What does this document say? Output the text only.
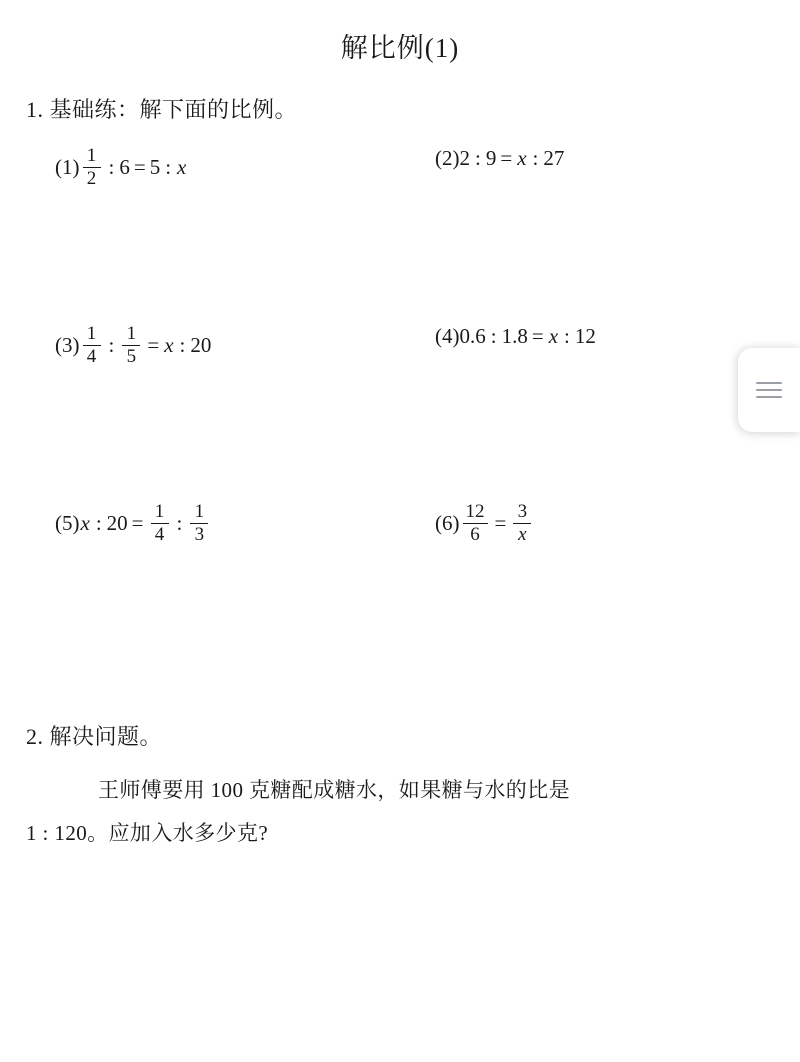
解比例(1)
1. 基础练：解下面的比例。
$(1) \frac{1}{2}$ : 6 = 5 : x	(2) 2 : 9 = x : 27
$(3) \frac{1}{4}$ : $\frac{1}{5} = x$ : 20	(4) 0.6 : 1.8 = x : 12
(5) x : $20 = \frac{1}{4}$ : $\frac{1}{3}$	$(6) \frac{12}{6} = \frac{3}{x}$
2. 解决问题。
王师傅要用 100 克糖配成糖水，如果糖与水的比是
1 : 120。应加入水多少克?
